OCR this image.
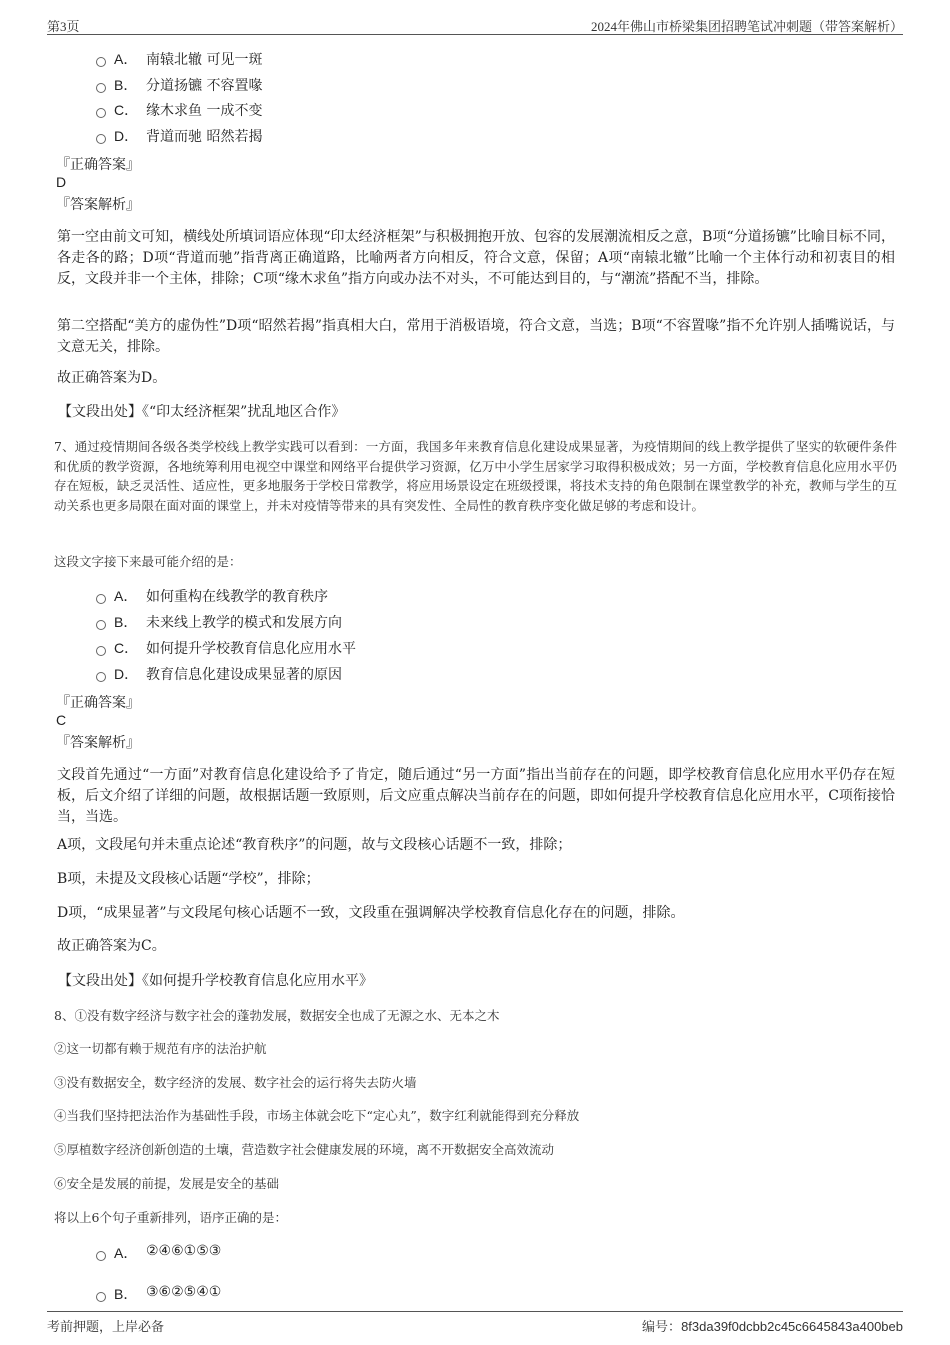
第3页	2024年佛山市桥梁集团招聘笔试冲刺题（带答案解析）
A． 南辕北辙 可见一斑
B． 分道扬镳 不容置喙
C． 缘木求鱼 一成不变
D． 背道而驰 昭然若揭
『正确答案』
D
『答案解析』
第一空由前文可知，横线处所填词语应体现“印太经济框架”与积极拥抱开放、包容的发展潮流相反之意，B项“分道扬镳”比喻目标不同，各走各的路；D项“背道而驰”指背离正确道路，比喻两者方向相反，符合文意，保留；A项“南辕北辙”比喻一个主体行动和初衷目的相反，文段并非一个主体，排除；C项“缘木求鱼”指方向或办法不对头，不可能达到目的，与“潮流”搭配不当，排除。
第二空搭配“美方的虚伪性”D项“昭然若揭”指真相大白，常用于消极语境，符合文意，当选；B项“不容置喙”指不允许别人插嘴说话，与文意无关，排除。
故正确答案为D。
【文段出处】《“印太经济框架”扰乱地区合作》
7、通过疫情期间各级各类学校线上教学实践可以看到：一方面，我国多年来教育信息化建设成果显著，为疫情期间的线上教学提供了坚实的软硬件条件和优质的教学资源，各地统筹利用电视空中课堂和网络平台提供学习资源，亿万中小学生居家学习取得积极成效；另一方面，学校教育信息化应用水平仍存在短板，缺乏灵活性、适应性，更多地服务于学校日常教学，将应用场景设定在班级授课，将技术支持的角色限制在课堂教学的补充，教师与学生的互动关系也更多局限在面对面的课堂上，并未对疫情等带来的具有突发性、全局性的教育秩序变化做足够的考虑和设计。
这段文字接下来最可能介绍的是：
A． 如何重构在线教学的教育秩序
B． 未来线上教学的模式和发展方向
C． 如何提升学校教育信息化应用水平
D． 教育信息化建设成果显著的原因
『正确答案』
C
『答案解析』
文段首先通过“一方面”对教育信息化建设给予了肯定，随后通过“另一方面”指出当前存在的问题，即学校教育信息化应用水平仍存在短板，后文介绍了详细的问题，故根据话题一致原则，后文应重点解决当前存在的问题，即如何提升学校教育信息化应用水平，C项衔接恰当，当选。
A项，文段尾句并未重点论述“教育秩序”的问题，故与文段核心话题不一致，排除；
B项，未提及文段核心话题“学校”，排除；
D项，“成果显著”与文段尾句核心话题不一致，文段重在强调解决学校教育信息化存在的问题，排除。
故正确答案为C。
【文段出处】《如何提升学校教育信息化应用水平》
8、①没有数字经济与数字社会的蓬勃发展，数据安全也成了无源之水、无本之木
②这一切都有赖于规范有序的法治护航
③没有数据安全，数字经济的发展、数字社会的运行将失去防火墙
④当我们坚持把法治作为基础性手段，市场主体就会吃下“定心丸”，数字红利就能得到充分释放
⑤厚植数字经济创新创造的土壤，营造数字社会健康发展的环境，离不开数据安全高效流动
⑥安全是发展的前提，发展是安全的基础
将以上6个句子重新排列，语序正确的是：
A． ②④⑥①⑤③
B． ③⑥②⑤④①
考前押题，上岸必备	编号：8f3da39f0dcbb2c45c6645843a400beb
